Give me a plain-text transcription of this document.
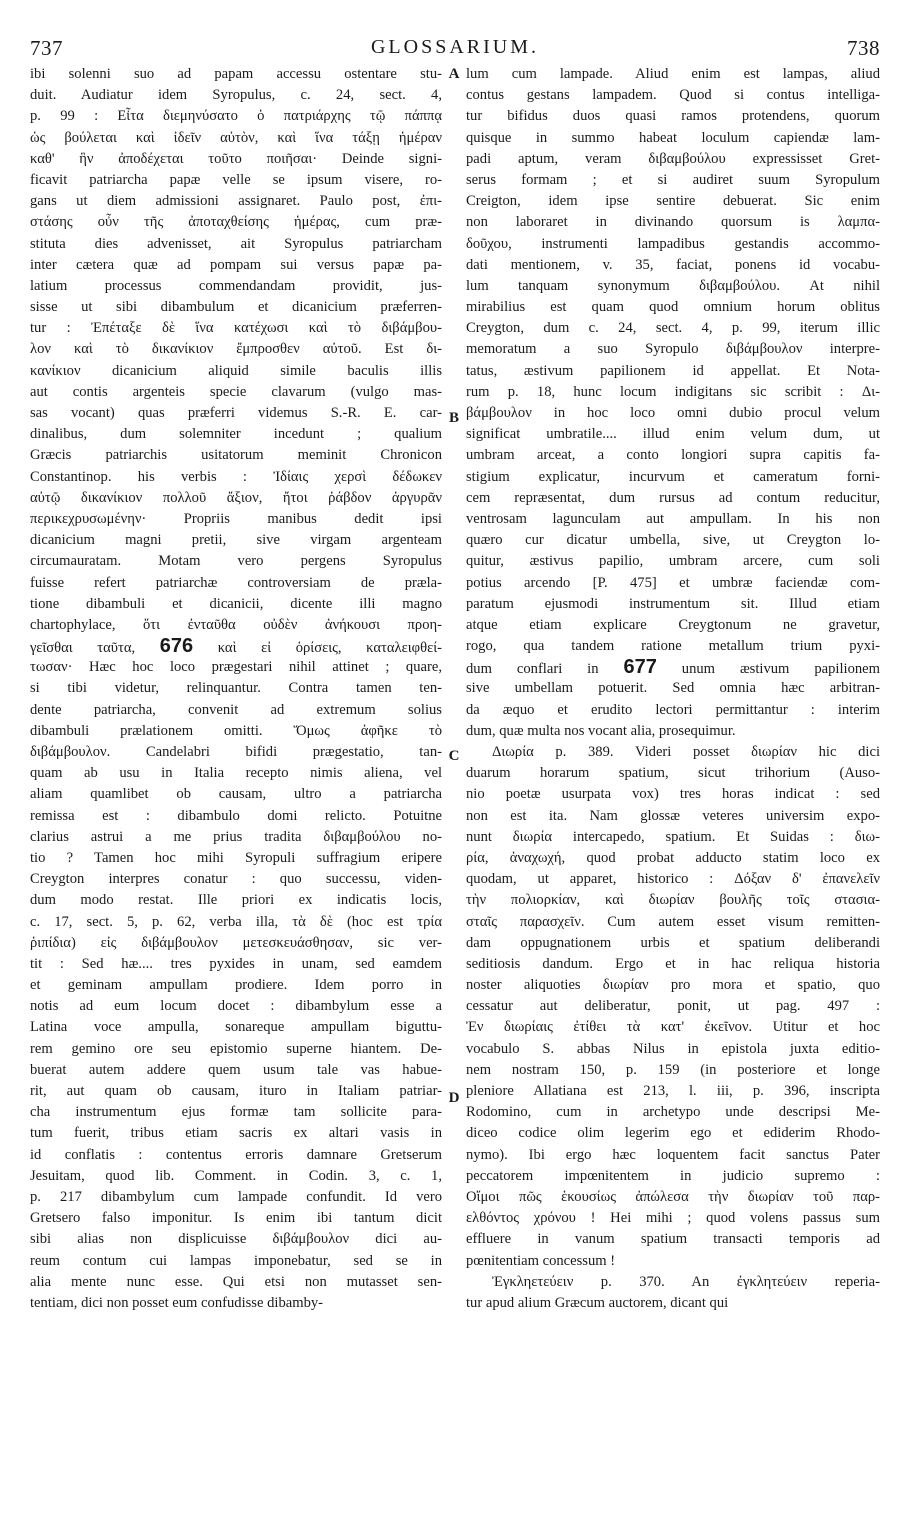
737	GLOSSARIUM.	738
ibi solenni suo ad papam accessu ostentare stu-
duit. Audiatur idem Syropulus, c. 24, sect. 4,
p. 99 : Εἶτα διεμηνύσατο ὁ πατριάρχης τῷ πάππᾳ
ὡς βούλεται καὶ ἰδεῖν αὐτὸν, καὶ ἵνα τάξῃ ἡμέραν
καθ' ἣν ἀποδέχεται τοῦτο ποιῆσαι· Deinde signi-
ficavit patriarcha papæ velle se ipsum visere, ro-
gans ut diem admissioni assignaret. Paulo post, ἐπι-
στάσης οὖν τῆς ἀποταχθείσης ἡμέρας, cum præ-
stituta dies advenisset, ait Syropulus patriarcham
inter cætera quæ ad pompam sui versus papæ pa-
latium processus commendandam providit, jus-
sisse ut sibi dibambulum et dicanicium præferren-
tur : Ἐπέταξε δὲ ἵνα κατέχωσι καὶ τὸ διβάμβου-
λον καὶ τὸ δικανίκιον ἔμπροσθεν αὐτοῦ. Est δι-
κανίκιον dicanicium aliquid simile baculis illis
aut contis argenteis specie clavarum (vulgo mas-
sas vocant) quas præferri videmus S.-R. E. car-
dinalibus, dum solemniter incedunt ; qualium
Græcis patriarchis usitatorum meminit Chronicon
Constantinop. his verbis : Ἰδίαις χερσὶ δέδωκεν
αὐτῷ δικανίκιον πολλοῦ ἄξιον, ἤτοι ῥάβδον ἀργυρᾶν
περικεχρυσωμένην· Propriis manibus dedit ipsi
dicanicium magni pretii, sive virgam argenteam
circumauratam. Motam vero pergens Syropulus
fuisse refert patriarchæ controversiam de præla-
tione dibambuli et dicanicii, dicente illi magno
chartophylace, ὅτι ἐνταῦθα οὐδὲν ἀνήκουσι προη-
γεῖσθαι ταῦτα, 676 καὶ εἰ ὁρίσεις, καταλειφθεί-
τωσαν· Hæc hoc loco prægestari nihil attinet ; quare,
si tibi videtur, relinquantur. Contra tamen ten-
dente patriarcha, convenit ad extremum solius
dibambuli prælationem omitti. Ὅμως ἀφῆκε τὸ
διβάμβουλον. Candelabri bifidi prægestatio, tan-
quam ab usu in Italia recepto nimis aliena, vel
aliam quamlibet ob causam, ultro a patriarcha
remissa est : dibambulo domi relicto. Potuitne
clarius astrui a me prius tradita διβαμβούλου no-
tio ? Tamen hoc mihi Syropuli suffragium eripere
Creygton interpres conatur : quo successu, viden-
dum modo restat. Ille priori ex indicatis locis,
c. 17, sect. 5, p. 62, verba illa, τὰ δὲ (hoc est τρία
ῥιπίδια) εἰς διβάμβουλον μετεσκευάσθησαν, sic ver-
tit : Sed hæ.... tres pyxides in unam, sed eamdem
et geminam ampullam prodiere. Idem porro in
notis ad eum locum docet : dibambylum esse a
Latina voce ampulla, sonareque ampullam biguttu-
rem gemino ore seu epistomio superne hiantem. De-
buerat autem addere quem usum tale vas habue-
rit, aut quam ob causam, ituro in Italiam patriar-
cha instrumentum ejus formæ tam sollicite para-
tum fuerit, tribus etiam sacris ex altari vasis in
id conflatis : contentus erroris damnare Gretserum
Jesuitam, quod lib. Comment. in Codin. 3, c. 1,
p. 217 dibambylum cum lampade confundit. Id vero
Gretsero falso imponitur. Is enim ibi tantum dicit
sibi alias non displicuisse διβάμβουλον dici au-
reum contum cui lampas imponebatur, sed se in
alia mente nunc esse. Qui etsi non mutasset sen-
tentiam, dici non posset eum confudisse dibamby-
A
B
C
D
lum cum lampade. Aliud enim est lampas, aliud
contus gestans lampadem. Quod si contus intelliga-
tur bifidus duos quasi ramos protendens, quorum
quisque in summo habeat loculum capiendæ lam-
padi aptum, veram διβαμβούλου expressisset Gret-
serus formam ; et si audiret suum Syropulum
Creigton, idem ipse sentire debuerat. Sic enim
non laboraret in divinando quorsum is λαμπα-
δοῦχου, instrumenti lampadibus gestandis accommo-
dati mentionem, v. 35, faciat, ponens id vocabu-
lum tanquam synonymum διβαμβούλου. At nihil
mirabilius est quam quod omnium horum oblitus
Creygton, dum c. 24, sect. 4, p. 99, iterum illic
memoratum a suo Syropulo διβάμβουλον interpre-
tatus, æstivum papilionem id appellat. Et Nota-
rum p. 18, hunc locum indigitans sic scribit : Δι-
βάμβουλον in hoc loco omni dubio procul velum
significat umbratile.... illud enim velum dum, ut
umbram arceat, a conto longiori supra capitis fa-
stigium explicatur, incurvum et cameratum forni-
cem repræsentat, dum rursus ad contum reducitur,
ventrosam lagunculam aut ampullam. In his non
quæro cur dicatur umbella, sive, ut Creygton lo-
quitur, æstivus papilio, umbram arcere, cum soli
potius arcendo [P. 475] et umbræ faciendæ com-
paratum ejusmodi instrumentum sit. Illud etiam
atque etiam explicare Creygtonum ne gravetur,
rogo, qua tandem ratione metallum trium pyxi-
dum conflari in 677 unum æstivum papilionem
sive umbellam potuerit. Sed omnia hæc arbitran-
da æquo et erudito lectori permittantur : interim
dum, quæ multa nos vocant alia, prosequimur.
Διωρία p. 389. Videri posset διωρίαν hic dici
duarum horarum spatium, sicut trihorium (Auso-
nio poetæ usurpata vox) tres horas indicat : sed
non est ita. Nam glossæ veteres universim expo-
nunt διωρία intercapedo, spatium. Et Suidas : διω-
ρία, ἀναχωχή, quod probat adducto statim loco ex
quodam, ut apparet, historico : Δόξαν δ' ἐπανελεῖν
τὴν πολιορκίαν, καὶ διωρίαν βουλῆς τοῖς στασια-
σταῖς παρασχεῖν. Cum autem esset visum remitten-
dam oppugnationem urbis et spatium deliberandi
seditiosis dandum. Ergo et in hac reliqua historia
noster aliquoties διωρίαν pro mora et spatio, quo
cessatur aut deliberatur, ponit, ut pag. 497 :
Ἐν διωρίαις ἐτίθει τὰ κατ' ἐκεῖνον. Utitur et hoc
vocabulo S. abbas Nilus in epistola juxta editio-
nem nostram 150, p. 159 (in posteriore et longe
pleniore Allatiana est 213, l. iii, p. 396, inscripta
Rodomino, cum in archetypo unde descripsi Me-
diceo codice olim legerim ego et ediderim Rhodo-
nymo). Ibi ergo hæc loquentem facit sanctus Pater
peccatorem impœnitentem in judicio supremo :
Οἴμοι πῶς ἑκουσίως ἀπώλεσα τὴν διωρίαν τοῦ παρ-
ελθόντος χρόνου ! Hei mihi ; quod volens passus sum
effluere in vanum spatium transacti temporis ad
pœnitentiam concessum !
Ἐγκληετεύειν p. 370. An ἐγκλητεύειν reperia-
tur apud alium Græcum auctorem, dicant qui
